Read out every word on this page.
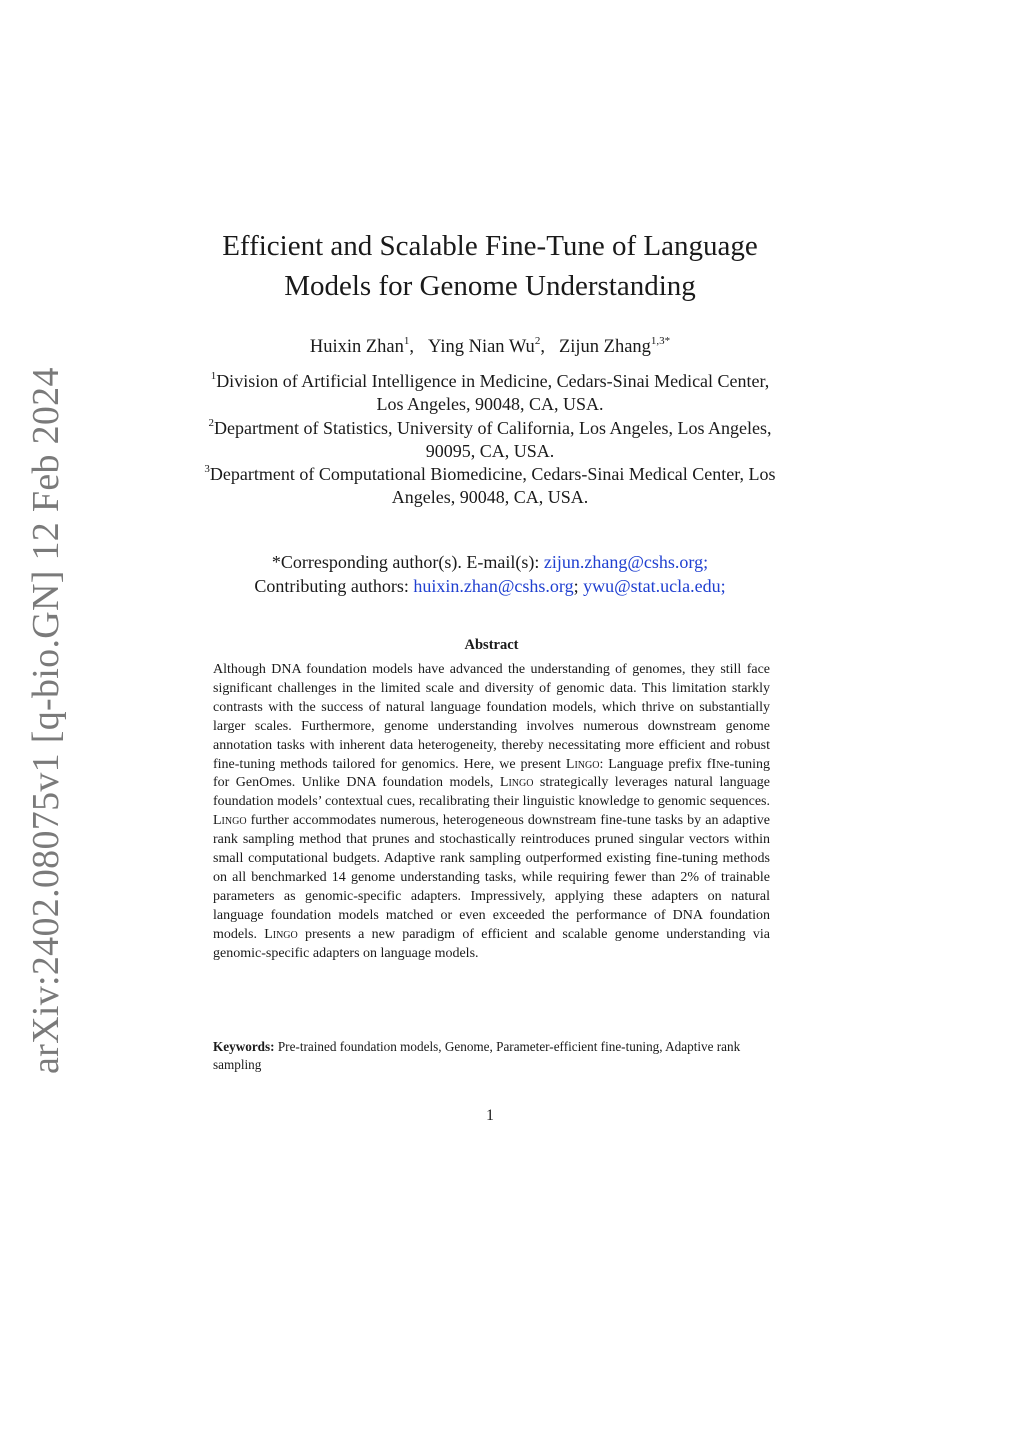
arXiv:2402.08075v1 [q-bio.GN] 12 Feb 2024
Efficient and Scalable Fine-Tune of Language
Models for Genome Understanding
Huixin Zhan$^1$, Ying Nian Wu$^2$, Zijun Zhang$^{1,3*}$
$^1$Division of Artificial Intelligence in Medicine, Cedars-Sinai Medical Center, Los Angeles, 90048, CA, USA.
$^2$Department of Statistics, University of California, Los Angeles, Los Angeles, 90095, CA, USA.
$^3$Department of Computational Biomedicine, Cedars-Sinai Medical Center, Los Angeles, 90048, CA, USA.
*Corresponding author(s). E-mail(s): zijun.zhang@cshs.org;
Contributing authors: huixin.zhan@cshs.org; ywu@stat.ucla.edu;
Abstract
Although DNA foundation models have advanced the understanding of genomes, they still face significant challenges in the limited scale and diversity of genomic data. This limitation starkly contrasts with the success of natural language foundation models, which thrive on substantially larger scales. Furthermore, genome understanding involves numerous downstream genome annotation tasks with inherent data heterogeneity, thereby necessitating more efficient and robust fine-tuning methods tailored for genomics. Here, we present Lingo: Language prefix fIne-tuning for GenOmes. Unlike DNA foundation models, Lingo strategically leverages natural language foundation models’ contextual cues, recalibrating their linguistic knowledge to genomic sequences. Lingo further accommodates numerous, heterogeneous downstream fine-tune tasks by an adaptive rank sampling method that prunes and stochastically reintroduces pruned singular vectors within small computational budgets. Adaptive rank sampling outperformed existing fine-tuning methods on all benchmarked 14 genome understanding tasks, while requiring fewer than 2% of trainable parameters as genomic-specific adapters. Impressively, applying these adapters on natural language foundation models matched or even exceeded the performance of DNA foundation models. Lingo presents a new paradigm of efficient and scalable genome understanding via genomic-specific adapters on language models.
Keywords: Pre-trained foundation models, Genome, Parameter-efficient fine-tuning, Adaptive rank sampling
1
